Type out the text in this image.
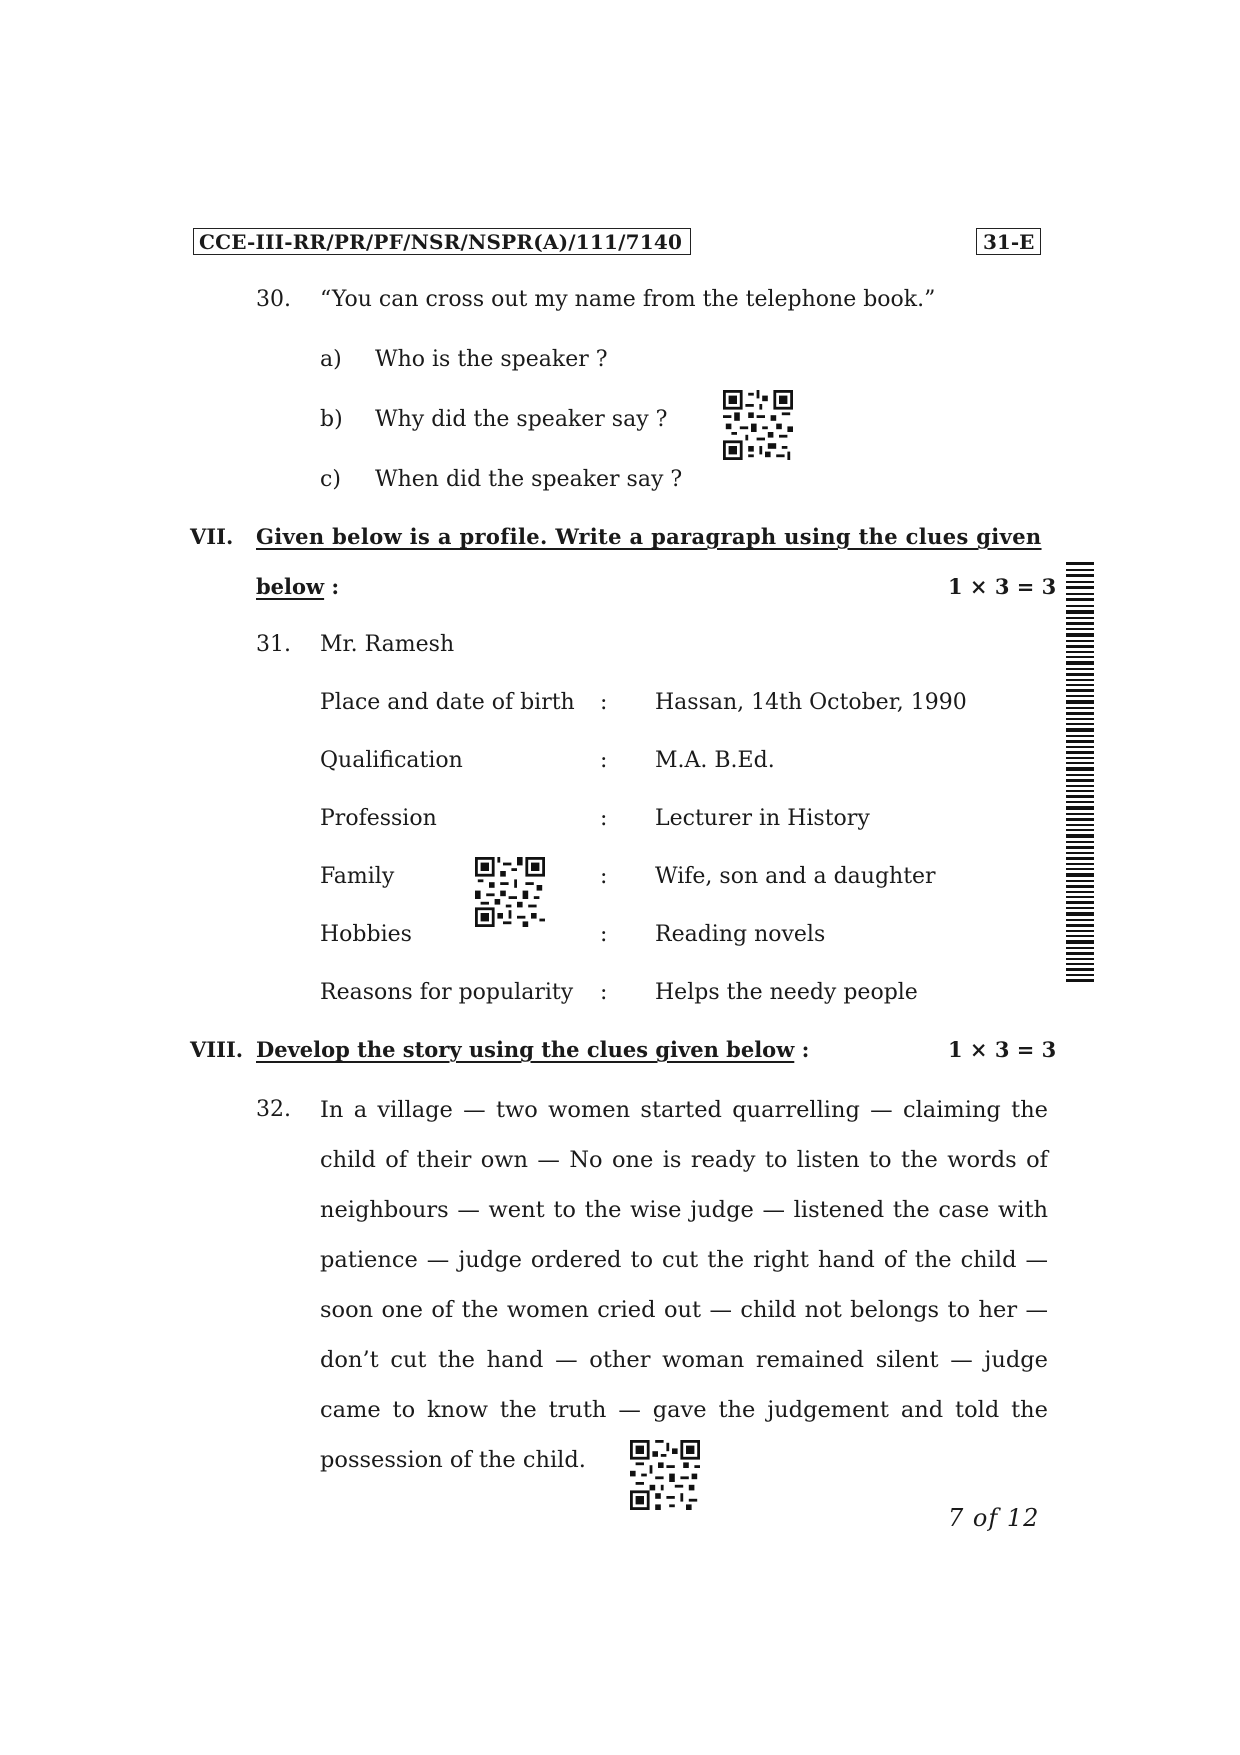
CCE-III-RR/PR/PF/NSR/NSPR(A)/111/7140	31-E
30. “You can cross out my name from the telephone book.”
a) Who is the speaker ?
b) Why did the speaker say ?
c) When did the speaker say ?
VII. Given below is a profile. Write a paragraph using the clues given
below :	1 × 3 = 3
31. Mr. Ramesh
Place and date of birth : Hassan, 14th October, 1990
Qualification	: M.A. B.Ed.
Profession	: Lecturer in History
Family	: Wife, son and a daughter
Hobbies	: Reading novels
Reasons for popularity : Helps the needy people
VIII. Develop the story using the clues given below :	1 × 3 = 3
32. In a village — two women started quarrelling — claiming the child of their own — No one is ready to listen to the words of neighbours — went to the wise judge — listened the case with patience — judge ordered to cut the right hand of the child — soon one of the women cried out — child not belongs to her — don’t cut the hand — other woman remained silent — judge came to know the truth — gave the judgement and told the possession of the child.
7 of 12
